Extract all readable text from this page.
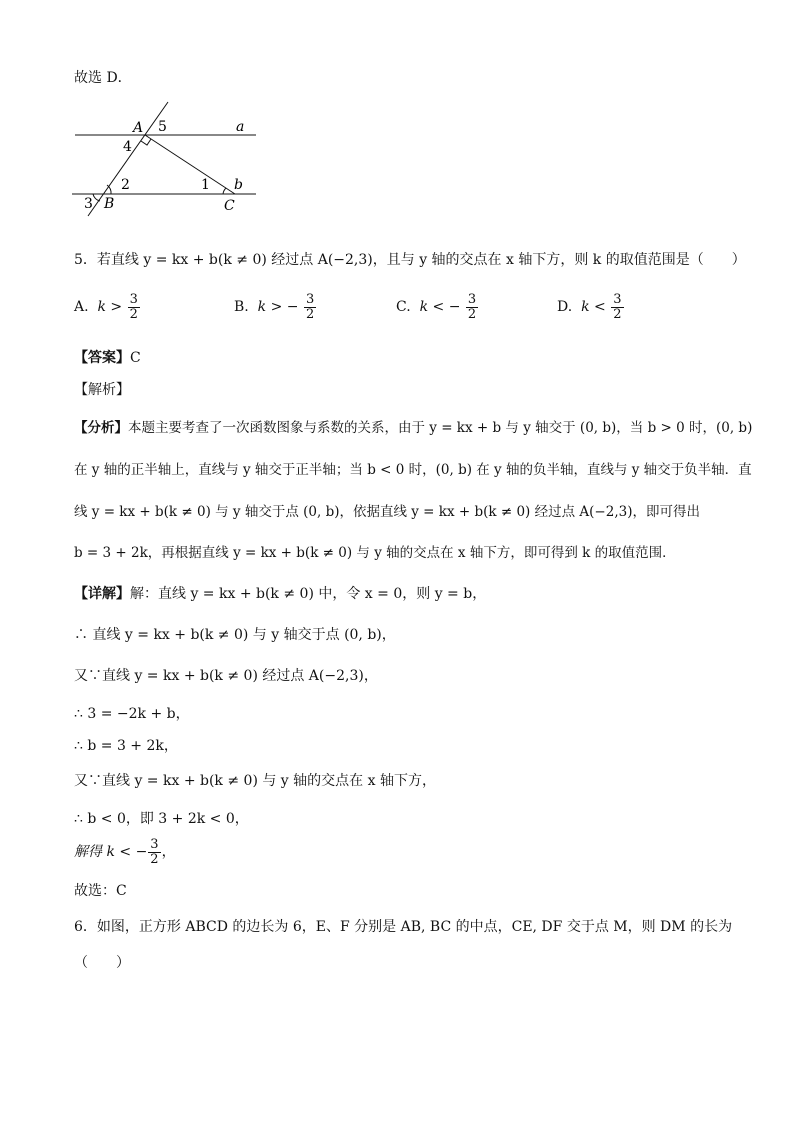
故选 D．
A 5	a
4
2	1 b
3 B	C
5．若直线 y = kx + b(k ≠ 0) 经过点 A(−2,3)，且与 y 轴的交点在 x 轴下方，则 k 的取值范围是（　　）
A. $k > \frac{3}{2}$	B. k > − $\frac{3}{2}$	C. k < − $\frac{3}{2}$	D. $k < \frac{3}{2}$
【答案】C
【解析】
【分析】本题主要考查了一次函数图象与系数的关系，由于 y = kx + b 与 y 轴交于 (0, b)，当 b > 0 时，(0, b)
在 y 轴的正半轴上，直线与 y 轴交于正半轴；当 b < 0 时，(0, b) 在 y 轴的负半轴，直线与 y 轴交于负半轴．直
线 y = kx + b(k ≠ 0) 与 y 轴交于点 (0, b)，依据直线 y = kx + b(k ≠ 0) 经过点 A(−2,3)，即可得出
b = 3 + 2k，再根据直线 y = kx + b(k ≠ 0) 与 y 轴的交点在 x 轴下方，即可得到 k 的取值范围．
【详解】解：直线 y = kx + b(k ≠ 0) 中，令 x = 0，则 y = b，
∴ 直线 y = kx + b(k ≠ 0) 与 y 轴交于点 (0, b)，
又∵直线 y = kx + b(k ≠ 0) 经过点 A(−2,3)，
∴ 3 = −2k + b，
∴ b = 3 + 2k，
又∵直线 y = kx + b(k ≠ 0) 与 y 轴的交点在 x 轴下方，
∴ b < 0，即 3 + 2k < 0，
解得 k < − $\frac{3}{2}$ ，
故选：C
6．如图，正方形 ABCD 的边长为 6，E、F 分别是 AB, BC 的中点，CE, DF 交于点 M，则 DM 的长为
（　　）
